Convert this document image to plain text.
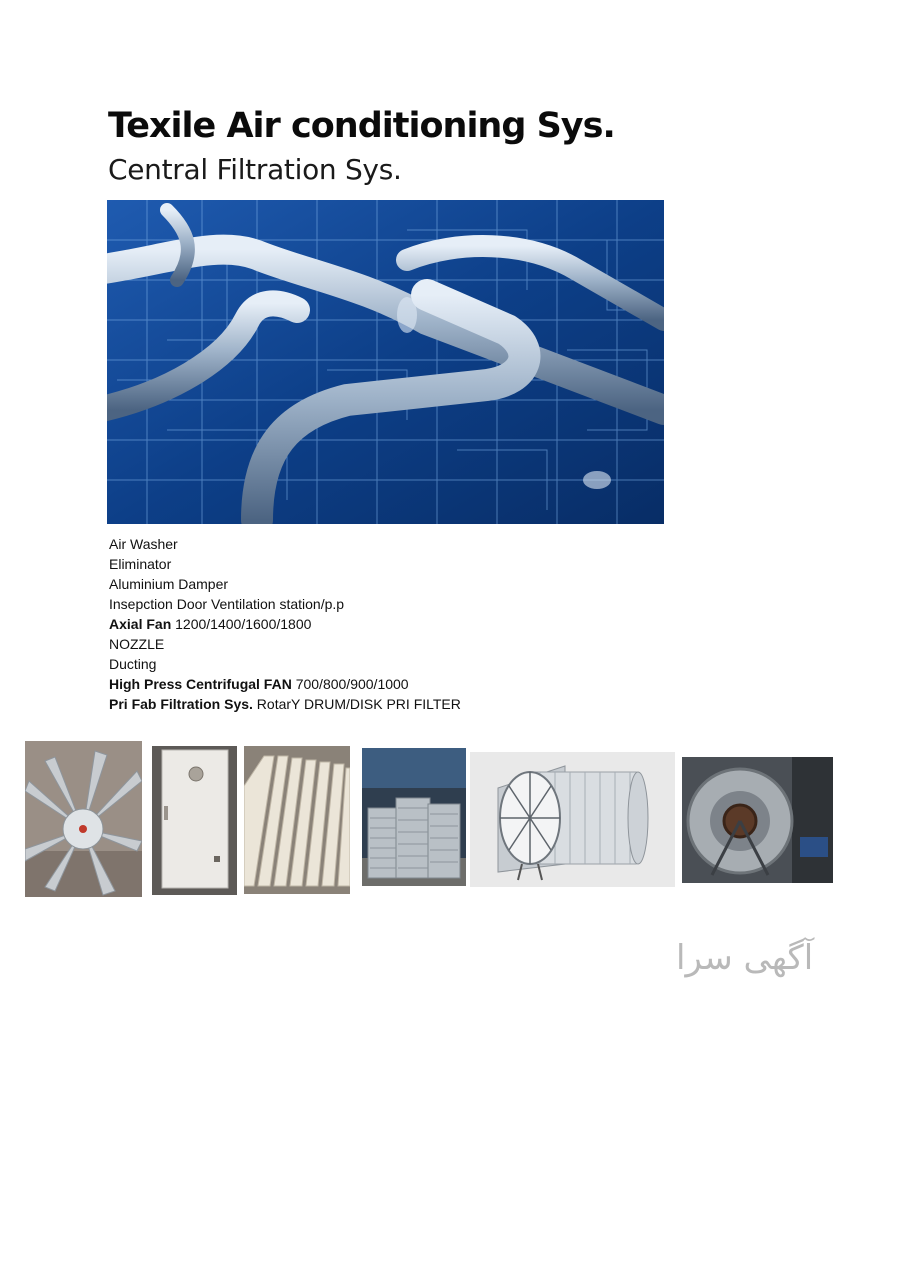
Texile Air conditioning Sys.
Central Filtration Sys.
Air Washer
Eliminator
Aluminium Damper
Insepction Door Ventilation station/p.p
Axial Fan 1200/1400/1600/1800
NOZZLE
Ducting
High Press Centrifugal FAN 700/800/900/1000
Pri Fab Filtration Sys. RotarY DRUM/DISK PRI FILTER
آگهی سرا
